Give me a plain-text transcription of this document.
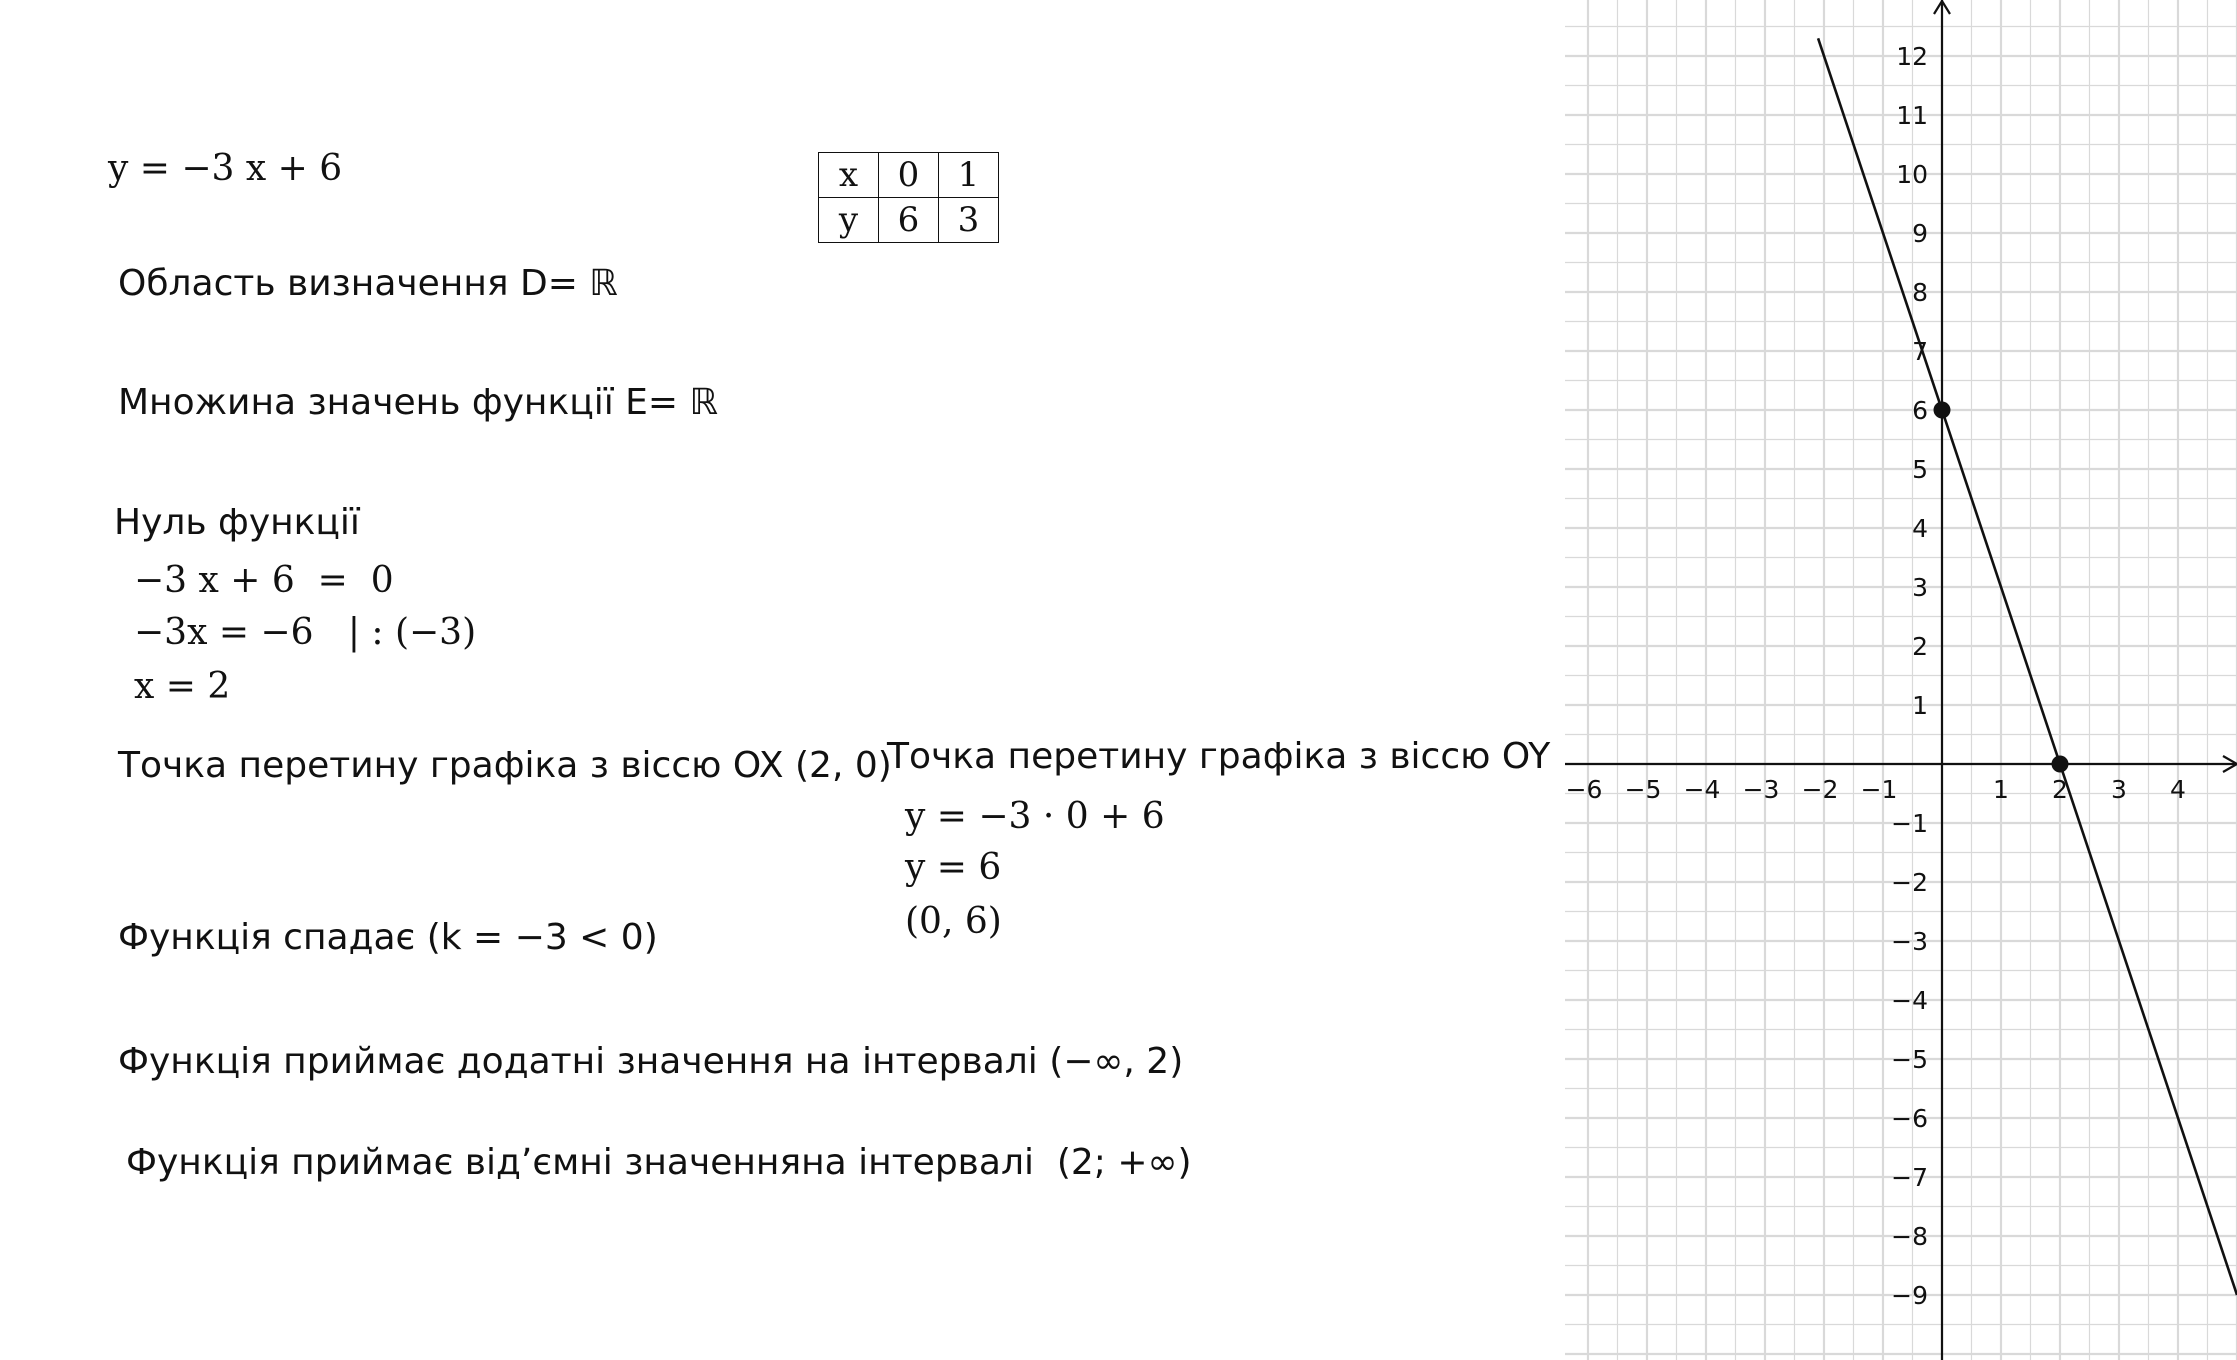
y = −3 x + 6	x	0	1
y	6	3
Область визначення D= ℝ
Множина значень функції E= ℝ
Нуль функції
−3 x + 6  =  0
−3x = −6   | : (−3)
x = 2
Точка перетину графіка з віссю OX (2, 0)
Точка перетину графіка з віссю OY
y = −3 · 0 + 6
y = 6
(0, 6)
Функція спадає (k = −3 < 0)
Функція приймає додатні значення на інтервалі (−∞, 2)
Функція приймає від’ємні значенняна інтервалі  (2; +∞)
−6 −5 −4 −3 −2 −1	1 2 3 4
−9
−8
−7
−6
−5
−4
−3
−2
−1
1
2
3
4
5
6
7
8
9
10
11
12
